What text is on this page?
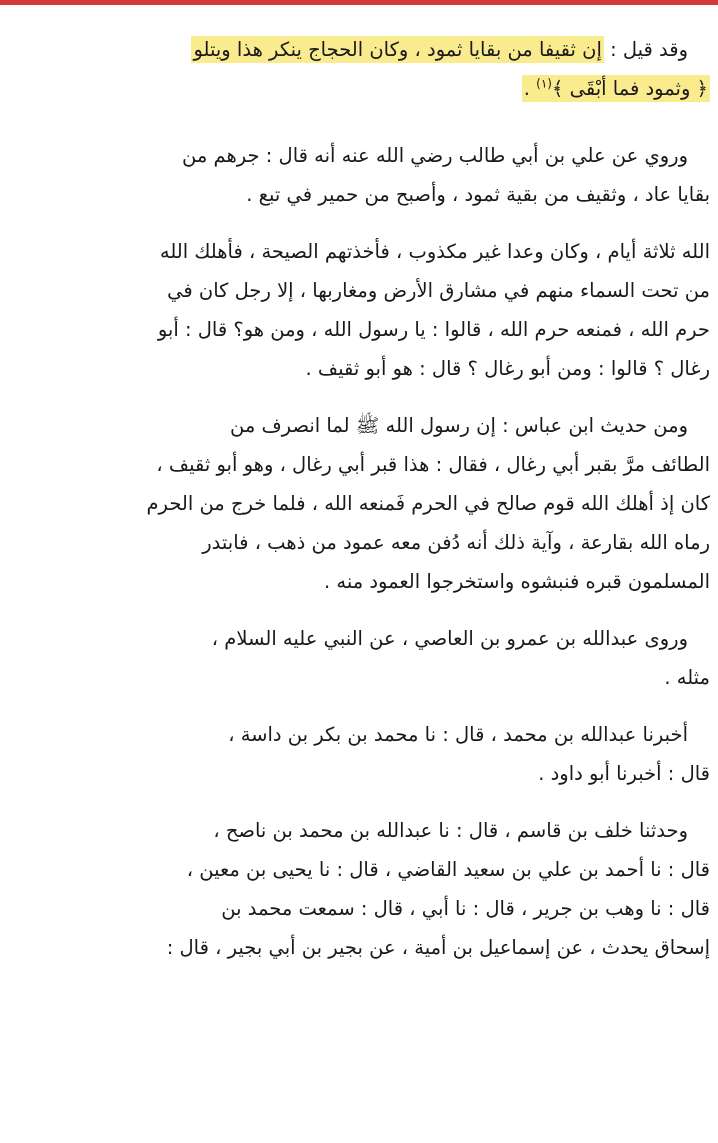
وقد قيل : إن ثقيفا من بقايا ثمود ، وكان الحجاج ينكر هذا ويتلو
﴿ وثمود فما أبْقَى ﴾$^{(١)}$ .

وروي عن علي بن أبي طالب رضي الله عنه أنه قال : جرهم من
بقايا عاد ، وثقيف من بقية ثمود ، وأصبح من حمير في تبع .

الله ثلاثة أيام ، وكان وعدا غير مكذوب ، فأخذتهم الصيحة ، فأهلك الله
من تحت السماء منهم في مشارق الأرض ومغاربها ، إلا رجل كان في
حرم الله ، فمنعه حرم الله ، قالوا : يا رسول الله ، ومن هو؟ قال : أبو
رغال ؟ قالوا : ومن أبو رغال ؟ قال : هو أبو ثقيف .

ومن حديث ابن عباس : إن رسول الله ﷺ لما انصرف من
الطائف مرَّ بقبر أبي رغال ، فقال : هذا قبر أبي رغال ، وهو أبو ثقيف ،
كان إذ أهلك الله قوم صالح في الحرم فَمنعه الله ، فلما خرج من الحرم
رماه الله بقارعة ، وآية ذلك أنه دُفن معه عمود من ذهب ، فابتدر
المسلمون قبره فنبشوه واستخرجوا العمود منه .

وروى عبدالله بن عمرو بن العاصي ، عن النبي عليه السلام ،
مثله .

أخبرنا عبدالله بن محمد ، قال : نا محمد بن بكر بن داسة ،
قال : أخبرنا أبو داود .

وحدثنا خلف بن قاسم ، قال : نا عبدالله بن محمد بن ناصح ،
قال : نا أحمد بن علي بن سعيد القاضي ، قال : نا يحيى بن معين ،
قال : نا وهب بن جرير ، قال : نا أبي ، قال : سمعت محمد بن
إسحاق يحدث ، عن إسماعيل بن أمية ، عن بجير بن أبي بجير ، قال :
